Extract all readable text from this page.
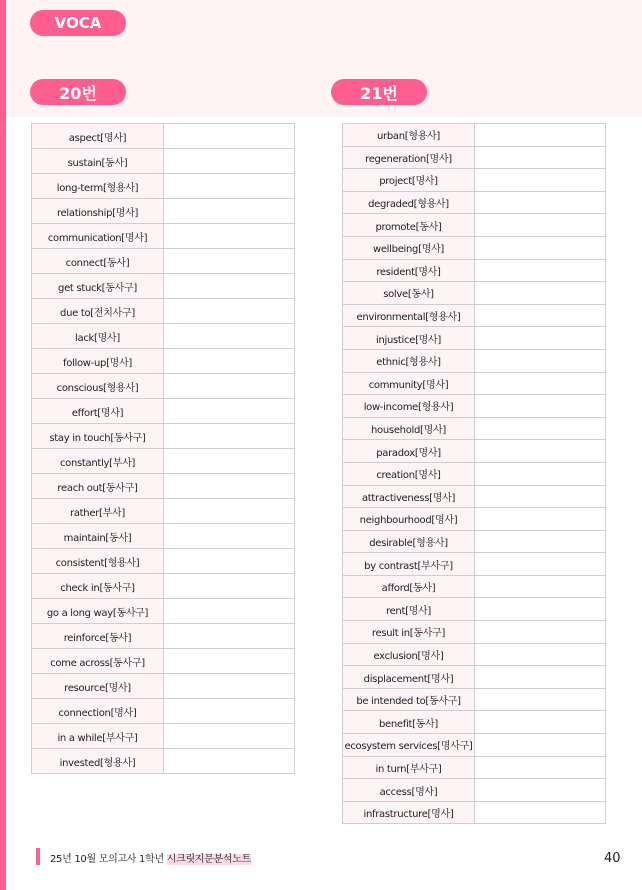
VOCA
20번	21번
aspect[명사]	
sustain[동사]	
long-term[형용사]	
relationship[명사]	
communication[명사]	
connect[동사]	
get stuck[동사구]	
due to[전치사구]	
lack[명사]	
follow-up[명사]	
conscious[형용사]	
effort[명사]	
stay in touch[동사구]	
constantly[부사]	
reach out[동사구]	
rather[부사]	
maintain[동사]	
consistent[형용사]	
check in[동사구]	
go a long way[동사구]	
reinforce[동사]	
come across[동사구]	
resource[명사]	
connection[명사]	
in a while[부사구]	
invested[형용사]	
urban[형용사]	
regeneration[명사]	
project[명사]	
degraded[형용사]	
promote[동사]	
wellbeing[명사]	
resident[명사]	
solve[동사]	
environmental[형용사]	
injustice[명사]	
ethnic[형용사]	
community[명사]	
low-income[형용사]	
household[명사]	
paradox[명사]	
creation[명사]	
attractiveness[명사]	
neighbourhood[명사]	
desirable[형용사]	
by contrast[부사구]	
afford[동사]	
rent[명사]	
result in[동사구]	
exclusion[명사]	
displacement[명사]	
be intended to[동사구]	
benefit[동사]	
ecosystem services[명사구]	
in turn[부사구]	
access[명사]	
infrastructure[명사]	
25년 10월 모의고사 1학년 시크릿지문분석노트	40
